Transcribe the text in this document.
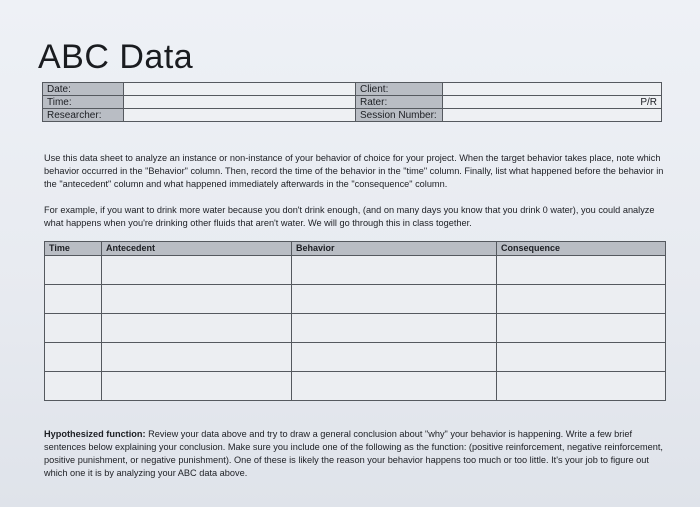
ABC Data
Date:		Client:	
Time:		Rater:	P/R
Researcher:		Session Number:	
Use this data sheet to analyze an instance or non-instance of your behavior of choice for your project. When the target behavior takes place, note which behavior occurred in the "Behavior" column. Then, record the time of the behavior in the "time" column. Finally, list what happened before the behavior in the "antecedent" column and what happened immediately afterwards in the "consequence" column.
For example, if you want to drink more water because you don't drink enough, (and on many days you know that you drink 0 water), you could analyze what happens when you're drinking other fluids that aren't water. We will go through this in class together.
Time	Antecedent	Behavior	Consequence

Hypothesized function: Review your data above and try to draw a general conclusion about "why" your behavior is happening. Write a few brief sentences below explaining your conclusion. Make sure you include one of the following as the function: (positive reinforcement, negative reinforcement, positive punishment, or negative punishment). One of these is likely the reason your behavior happens too much or too little. It's your job to figure out which one it is by analyzing your ABC data above.
